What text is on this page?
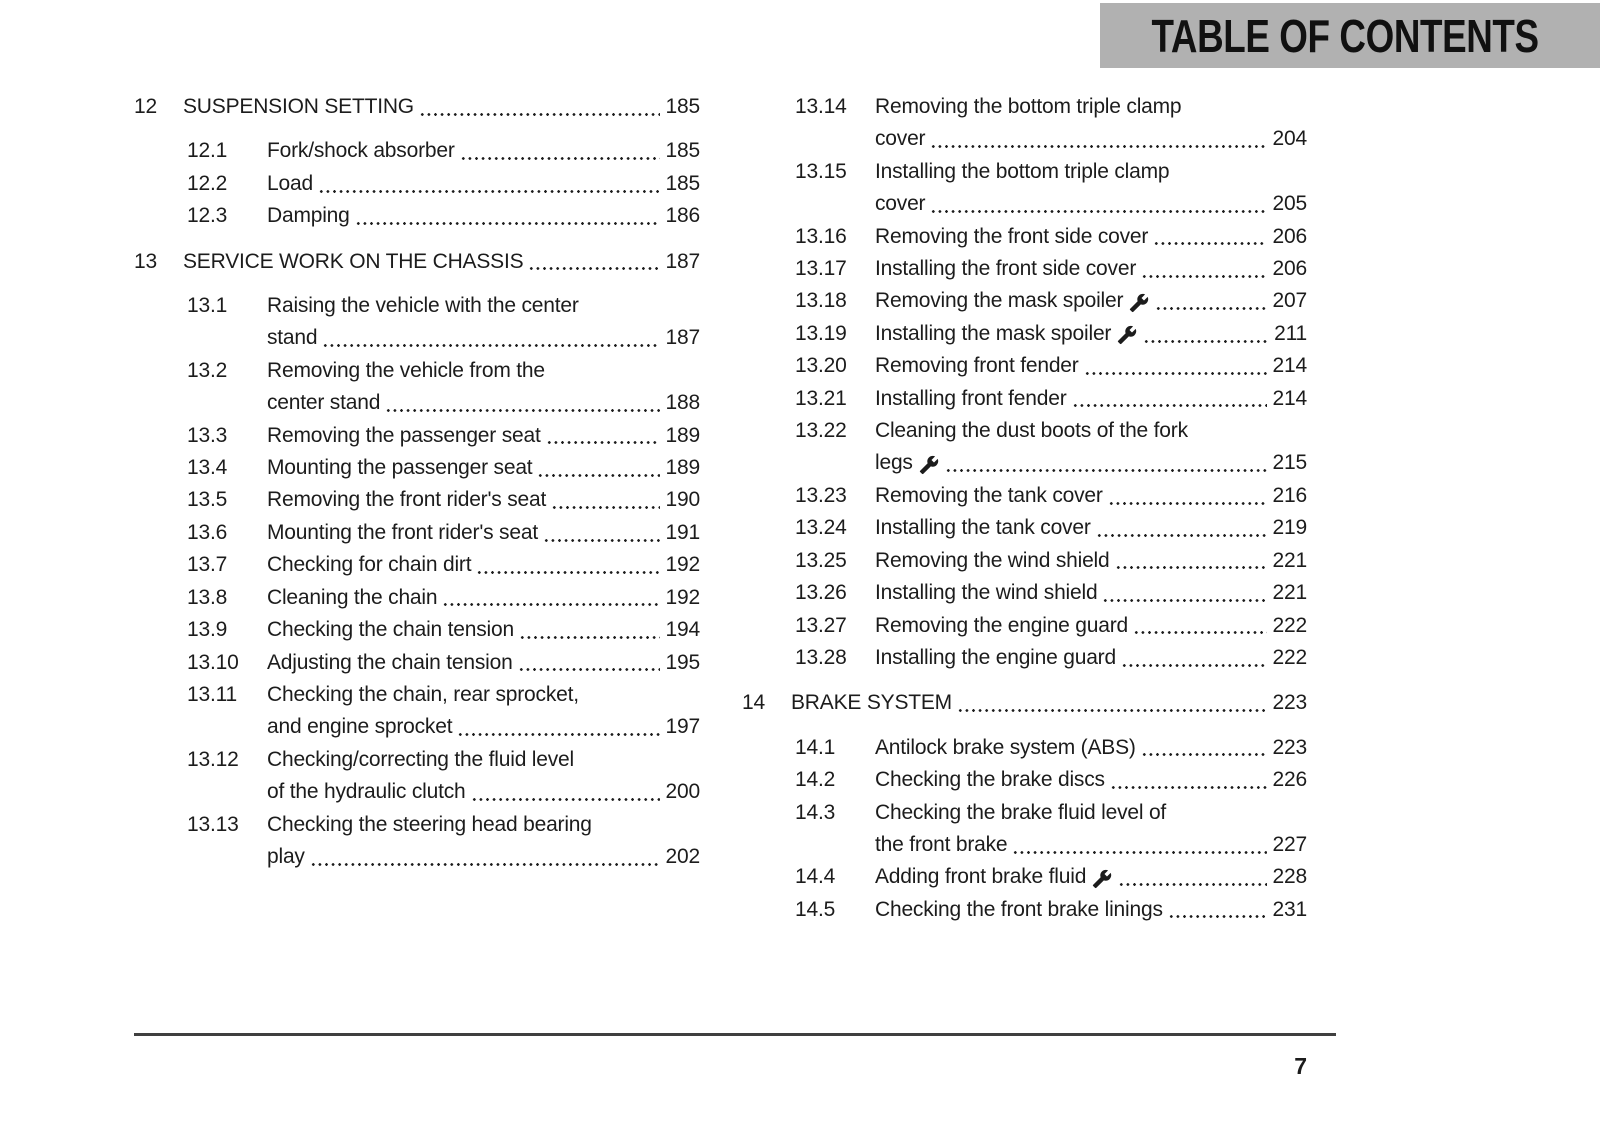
TABLE OF CONTENTS
12	SUSPENSION SETTING	185
12.1	Fork/shock absorber	185
12.2	Load	185
12.3	Damping	186
13	SERVICE WORK ON THE CHASSIS	187
13.1	Raising the vehicle with the center
stand	187
13.2	Removing the vehicle from the
center stand	188
13.3	Removing the passenger seat	189
13.4	Mounting the passenger seat	189
13.5	Removing the front rider's seat	190
13.6	Mounting the front rider's seat	191
13.7	Checking for chain dirt	192
13.8	Cleaning the chain	192
13.9	Checking the chain tension	194
13.10	Adjusting the chain tension	195
13.11	Checking the chain, rear sprocket,
and engine sprocket	197
13.12	Checking/correcting the fluid level
of the hydraulic clutch	200
13.13	Checking the steering head bearing
play	202
13.14	Removing the bottom triple clamp
cover	204
13.15	Installing the bottom triple clamp
cover	205
13.16	Removing the front side cover	206
13.17	Installing the front side cover	206
13.18	Removing the mask spoiler	207
13.19	Installing the mask spoiler	211
13.20	Removing front fender	214
13.21	Installing front fender	214
13.22	Cleaning the dust boots of the fork
legs	215
13.23	Removing the tank cover	216
13.24	Installing the tank cover	219
13.25	Removing the wind shield	221
13.26	Installing the wind shield	221
13.27	Removing the engine guard	222
13.28	Installing the engine guard	222
14	BRAKE SYSTEM	223
14.1	Antilock brake system (ABS)	223
14.2	Checking the brake discs	226
14.3	Checking the brake fluid level of
the front brake	227
14.4	Adding front brake fluid	228
14.5	Checking the front brake linings	231
7
